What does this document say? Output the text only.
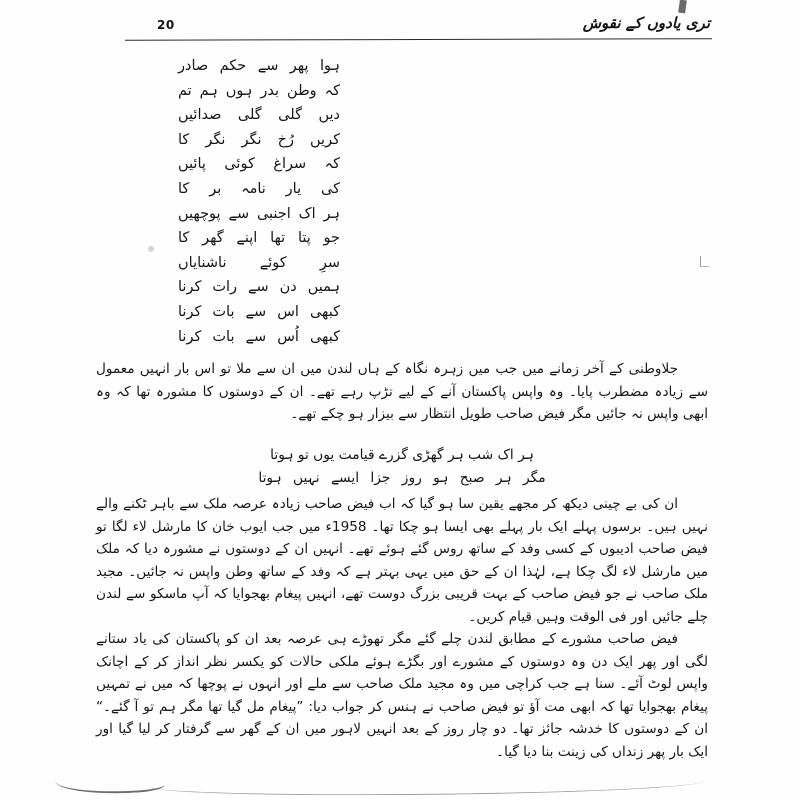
20	تری یادوں کے نقوش
ہوا پھر سے حکم صادر
کہ وطن بدر ہوں ہم تم
دیں گلی گلی صدائیں
کریں رُخ نگر نگر کا
کہ سراغ کوئی پائیں
کی یار نامہ بر کا
ہر اک اجنبی سے پوچھیں
جو پتا تھا اپنے گھر کا
سرِ کوئے ناشنایاں
ہمیں دن سے رات کرنا
کبھی اس سے بات کرنا
کبھی اُس سے بات کرنا
جلاوطنی کے آخر زمانے میں جب میں زہرہ نگاہ کے ہاں لندن میں ان سے ملا تو اس بار انہیں معمول سے زیادہ مضطرب پایا۔ وہ واپس پاکستان آنے کے لیے تڑپ رہے تھے۔ ان کے دوستوں کا مشورہ تھا کہ وہ ابھی واپس نہ جائیں مگر فیض صاحب طویل انتظار سے بیزار ہو چکے تھے۔
ہر اک شب ہر گھڑی گزرے قیامت یوں تو ہوتا
مگر ہر صبح ہو روز جزا ایسے نہیں ہوتا
ان کی بے چینی دیکھ کر مجھے یقین سا ہو گیا کہ اب فیض صاحب زیادہ عرصہ ملک سے باہر ٹکنے والے نہیں ہیں۔ برسوں پہلے ایک بار پہلے بھی ایسا ہو چکا تھا۔ 1958ء میں جب ایوب خان کا مارشل لاء لگا تو فیض صاحب ادیبوں کے کسی وفد کے ساتھ روس گئے ہوئے تھے۔ انہیں ان کے دوستوں نے مشورہ دیا کہ ملک میں مارشل لاء لگ چکا ہے، لہٰذا ان کے حق میں یہی بہتر ہے کہ وفد کے ساتھ وطن واپس نہ جائیں۔ مجید ملک صاحب نے جو فیض صاحب کے بہت قریبی بزرگ دوست تھے، انہیں پیغام بھجوایا کہ آپ ماسکو سے لندن چلے جائیں اور فی الوقت وہیں قیام کریں۔
فیض صاحب مشورے کے مطابق لندن چلے گئے مگر تھوڑے ہی عرصہ بعد ان کو پاکستان کی یاد ستانے لگی اور پھر ایک دن وہ دوستوں کے مشورے اور بگڑے ہوئے ملکی حالات کو یکسر نظر انداز کر کے اچانک واپس لوٹ آئے۔ سنا ہے جب کراچی میں وہ مجید ملک صاحب سے ملے اور انہوں نے پوچھا کہ میں نے تمہیں پیغام بھجوایا تھا کہ ابھی مت آؤ تو فیض صاحب نے ہنس کر جواب دیا: ”پیغام مل گیا تھا مگر ہم تو آ گئے۔“ ان کے دوستوں کا خدشہ جائز تھا۔ دو چار روز کے بعد انہیں لاہور میں ان کے گھر سے گرفتار کر لیا گیا اور ایک بار پھر زنداں کی زینت بنا دیا گیا۔
